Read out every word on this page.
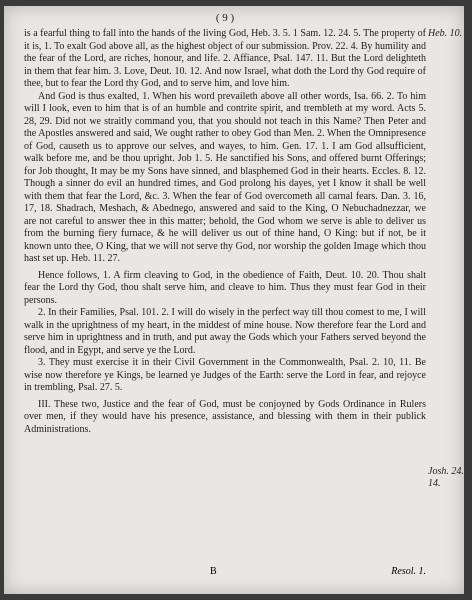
( 9 )
Heb. 10.
Josh. 24.
14.

is a fearful thing to fall into the hands of the living God, Heb. 3. 5. 1 Sam. 12. 24. 5. The property of it is, 1. To exalt God above all, as the highest object of our submission. Prov. 22. 4. By humility and the fear of the Lord, are riches, honour, and life. 2. Affiance, Psal. 147. 11. But the Lord delighteth in them that fear him. 3. Love, Deut. 10. 12. And now Israel, what doth the Lord thy God require of thee, but to fear the Lord thy God, and to serve him, and love him.

And God is thus exalted, 1. When his word prevaileth above all other words, Isa. 66. 2. To him will I look, even to him that is of an humble and contrite spirit, and trembleth at my word. Acts 5. 28, 29. Did not we straitly command you, that you should not teach in this Name? Then Peter and the Apostles answered and said, We ought rather to obey God than Men. 2. When the Omnipresence of God, causeth us to approve our selves, and wayes, to him. Gen. 17. 1. I am God allsufficient, walk before me, and be thou upright. Job 1. 5. He sanctified his Sons, and offered burnt Offerings; for Job thought, It may be my Sons have sinned, and blasphemed God in their hearts. Eccles. 8. 12. Though a sinner do evil an hundred times, and God prolong his dayes, yet I know it shall be well with them that fear the Lord, &c. 3. When the fear of God overcometh all carnal fears. Dan. 3. 16, 17, 18. Shadrach, Meshach, & Abednego, answered and said to the King, O Nebuchadnezzar, we are not careful to answer thee in this matter; behold, the God whom we serve is able to deliver us from the burning fiery furnace, & he will deliver us out of thine hand, O King: but if not, be it known unto thee, O King, that we will not serve thy God, nor worship the golden Image which thou hast set up. Heb. 11. 27.

Hence follows, 1. A firm cleaving to God, in the obedience of Faith, Deut. 10. 20. Thou shalt fear the Lord thy God, thou shalt serve him, and cleave to him. Thus they must fear God in their persons.

2. In their Families, Psal. 101. 2. I will do wisely in the perfect way till thou comest to me, I will walk in the uprightness of my heart, in the middest of mine house. Now therefore fear the Lord and serve him in uprightness and in truth, and put away the Gods which your Fathers served beyond the flood, and in Egypt, and serve ye the Lord.

3. They must exercise it in their Civil Government in the Commonwealth, Psal. 2. 10, 11. Be wise now therefore ye Kings, be learned ye Judges of the Earth: serve the Lord in fear, and rejoyce in trembling, Psal. 27. 5.

III. These two, Justice and the fear of God, must be conjoyned by Gods Ordinance in Rulers over men, if they would have his presence, assistance, and blessing with them in their publick Administrations.

B	Resol. 1.
